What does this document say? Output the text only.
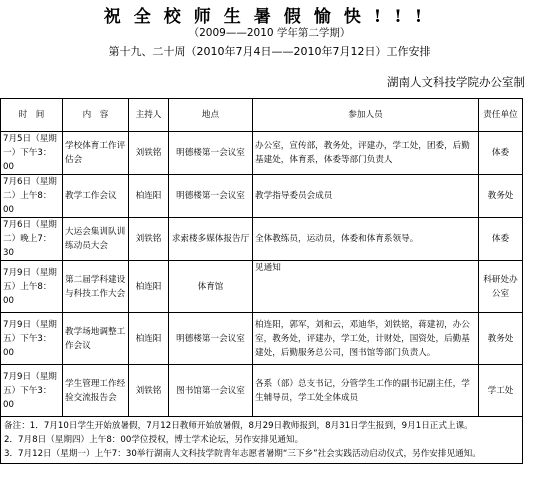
祝全校师生暑假愉快!!!
（2009——2010 学年第二学期）
第十九、二十周（2010年7月4日——2010年7月12日）工作安排
湖南人文科技学院办公室制
时　间	内　容	主持人	地点	参加人员	责任单位
7月5日（星期一）下午3：00	学校体育工作评估会	刘铁铭	明德楼第一会议室	办公室，宣传部，教务处，评建办，学工处，团委，后勤基建处，体育系，体委等部门负责人	体委
7月6日（星期二）上午8：00	教学工作会议	柏连阳	明德楼第一会议室	教学指导委员会成员	教务处
7月6日（星期二）晚上7：30	大运会集训队训练动员大会	刘铁铭	求索楼多媒体报告厅	全体教练员，运动员，体委和体育系领导。	体委
7月9日（星期五）上午8：00	第二届学科建设与科技工作大会	柏连阳	体育馆	见通知	科研处办公室
7月9日（星期五）下午3：00	教学场地调整工作会议	柏连阳	明德楼第一会议室	柏连阳，郭军，刘和云，邓迪华，刘铁铭，蒋建初，办公室，教务处，评建办，学工处，计财处，国资处，后勤基建处，后勤服务总公司，图书馆等部门负责人。	教务处
7月9日（星期五）下午3：00	学生管理工作经验交流报告会	刘铁铭	图书馆第一会议室	各系（部）总支书记，分管学生工作的副书记副主任，学生辅导员，学工处全体成员	学工处

备注：1．7月10日学生开始放暑假，7月12日教师开始放暑假，8月29日教师报到，8月31日学生报到，9月1日正式上课。
2．7月8日（星期四）上午8：00学位授权，博士学术论坛，另作安排见通知。
3．7月12日（星期一）上午7：30举行湖南人文科技学院青年志愿者暑期“三下乡”社会实践活动启动仪式，另作安排见通知。					
